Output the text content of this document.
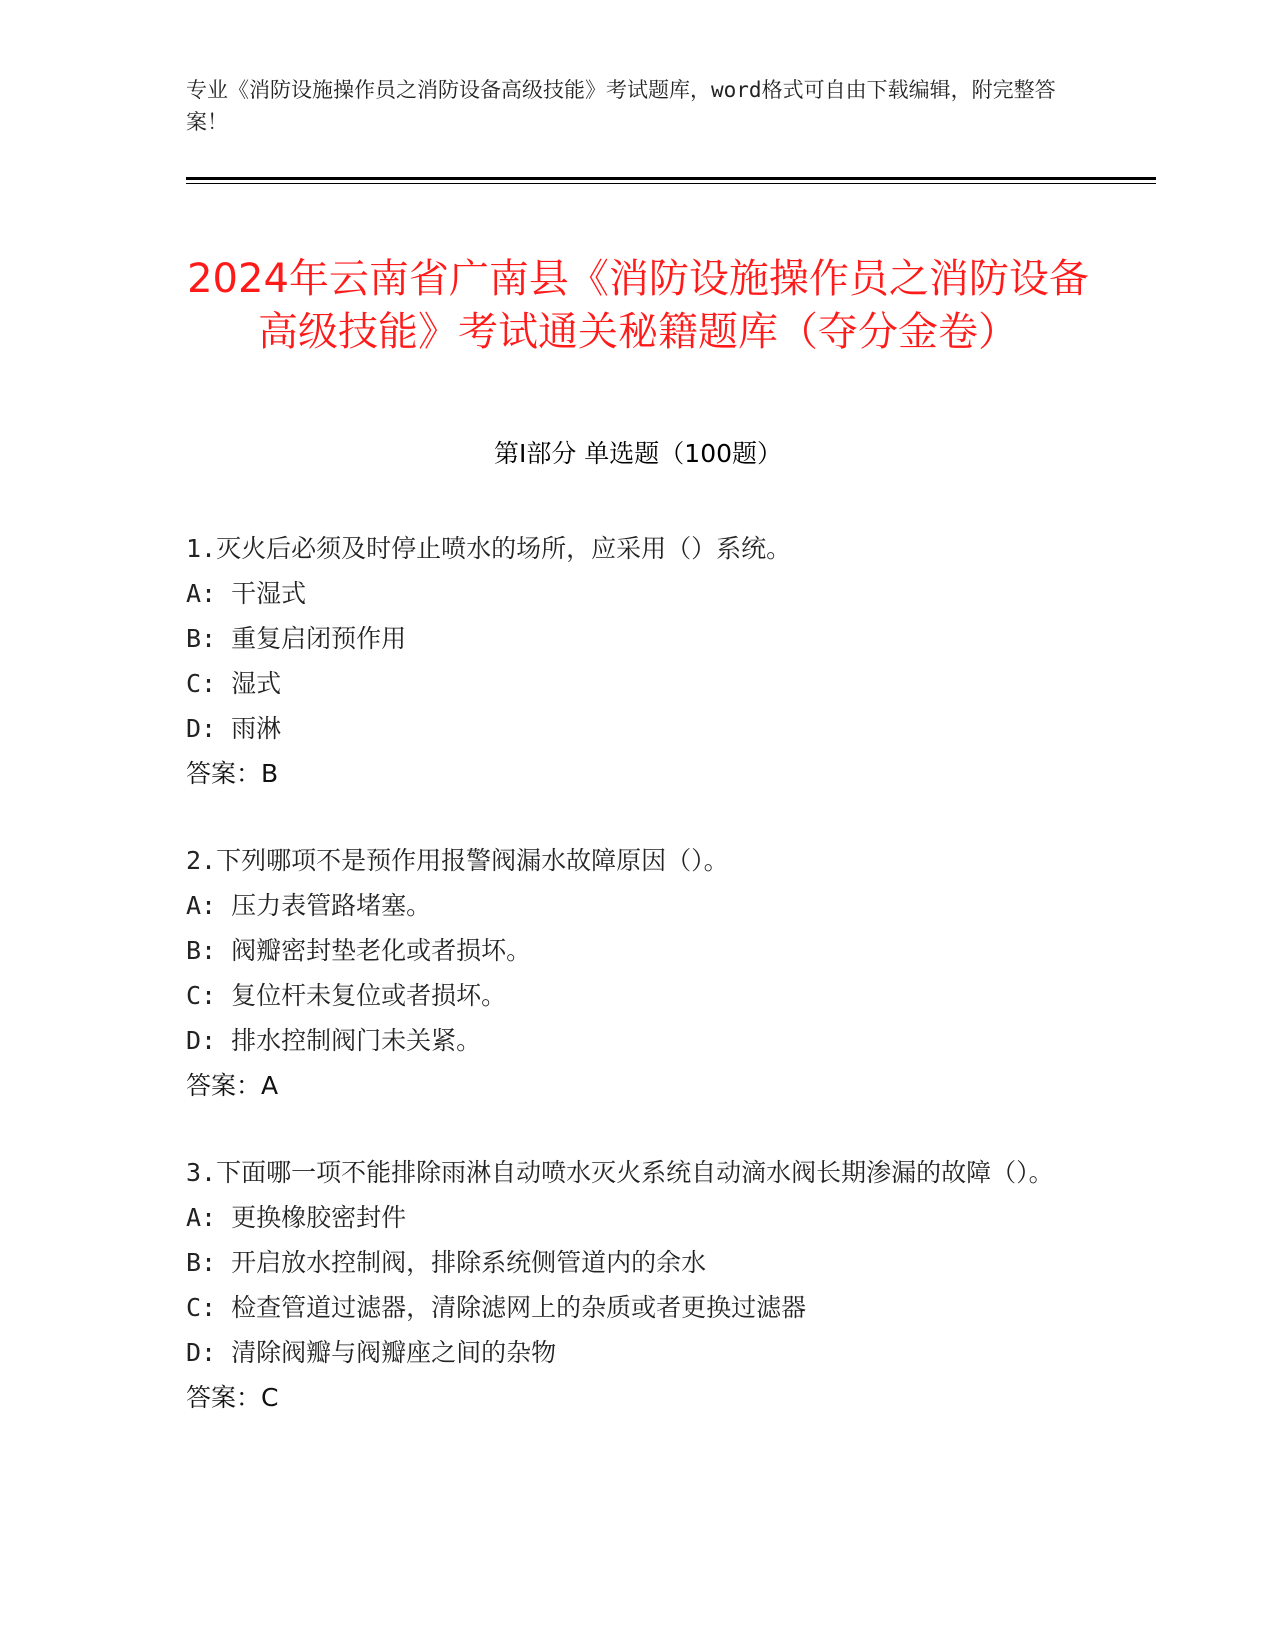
专业《消防设施操作员之消防设备高级技能》考试题库，word格式可自由下载编辑，附完整答案！
2024年云南省广南县《消防设施操作员之消防设备高级技能》考试通关秘籍题库（夺分金卷）
第I部分 单选题（100题）
1.灭火后必须及时停止喷水的场所，应采用（）系统。
A: 干湿式
B: 重复启闭预作用
C: 湿式
D: 雨淋
答案：B
2.下列哪项不是预作用报警阀漏水故障原因（）。
A: 压力表管路堵塞。
B: 阀瓣密封垫老化或者损坏。
C: 复位杆未复位或者损坏。
D: 排水控制阀门未关紧。
答案：A
3.下面哪一项不能排除雨淋自动喷水灭火系统自动滴水阀长期渗漏的故障（）。
A: 更换橡胶密封件
B: 开启放水控制阀，排除系统侧管道内的余水
C: 检查管道过滤器，清除滤网上的杂质或者更换过滤器
D: 清除阀瓣与阀瓣座之间的杂物
答案：C
